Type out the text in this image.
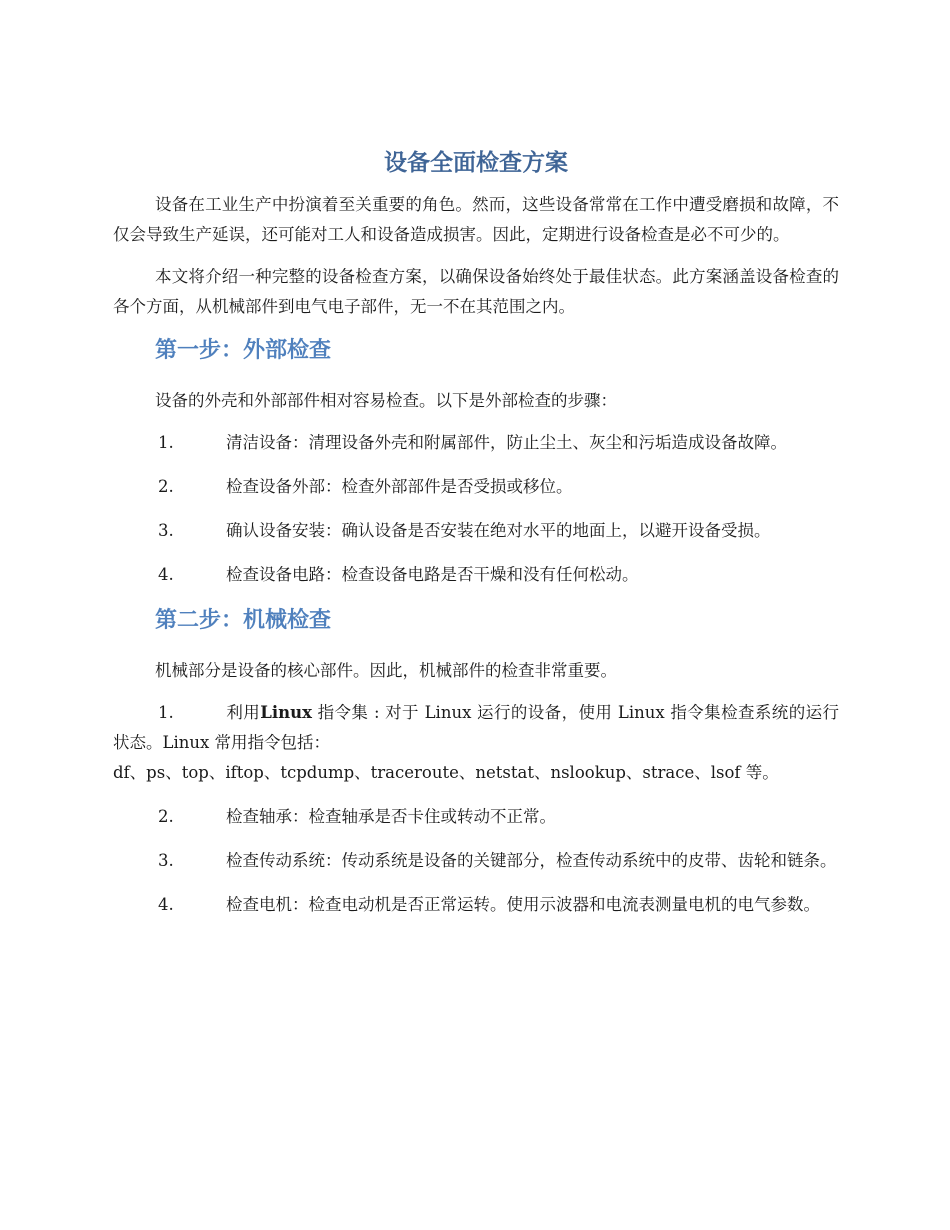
设备全面检查方案

设备在工业生产中扮演着至关重要的角色。然而，这些设备常常在工作中遭受磨损和故障，不仅会导致生产延误，还可能对工人和设备造成损害。因此，定期进行设备检查是必不可少的。

本文将介绍一种完整的设备检查方案，以确保设备始终处于最佳状态。此方案涵盖设备检查的各个方面，从机械部件到电气电子部件，无一不在其范围之内。

第一步：外部检查

设备的外壳和外部部件相对容易检查。以下是外部检查的步骤：

1.	清洁设备：清理设备外壳和附属部件，防止尘土、灰尘和污垢造成设备故障。
2.	检查设备外部：检查外部部件是否受损或移位。
3.	确认设备安装：确认设备是否安装在绝对水平的地面上，以避开设备受损。
4.	检查设备电路：检查设备电路是否干燥和没有任何松动。
第二步：机械检查

机械部分是设备的核心部件。因此，机械部件的检查非常重要。

1.	利用Linux 指令集 : 对于 Linux 运行的设备，使用 Linux 指令集检查系统的运行状态。Linux 常用指令包括：
df、ps、top、iftop、tcpdump、traceroute、netstat、nslookup、strace、lsof 等。
2.	检查轴承：检查轴承是否卡住或转动不正常。
3.	检查传动系统：传动系统是设备的关键部分，检查传动系统中的皮带、齿轮和链条。
4.	检查电机：检查电动机是否正常运转。使用示波器和电流表测量电机的电气参数。
